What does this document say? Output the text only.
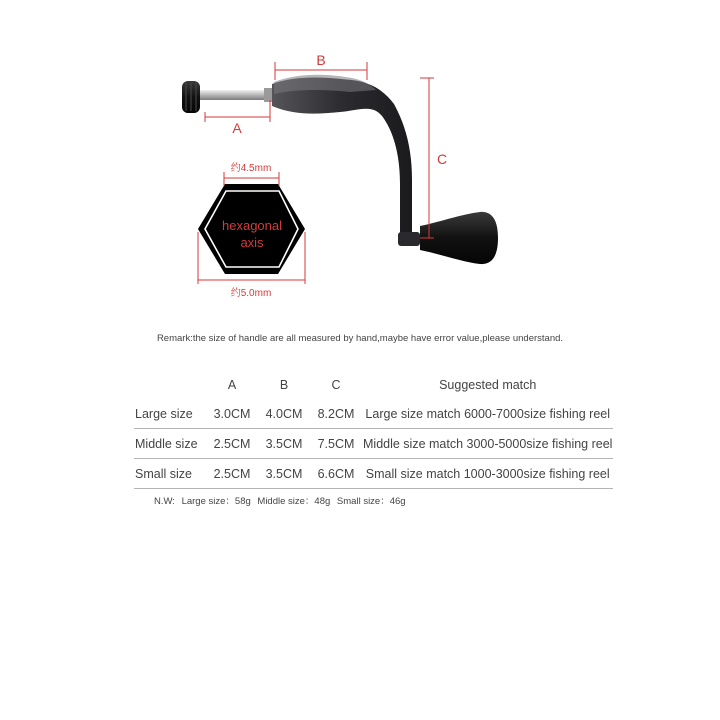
A
B
C
hexagonal
axis
约4.5mm
约5.0mm
Remark:the size of handle are all measured by hand,maybe have error value,please understand.
	A	B	C	Suggested match
Large size	3.0CM	4.0CM	8.2CM	Large size match 6000-7000size fishing reel
Middle size	2.5CM	3.5CM	7.5CM	Middle size match 3000-5000size fishing reel
Small size	2.5CM	3.5CM	6.6CM	Small size match 1000-3000size fishing reel
N.W: Large size：58g Middle size：48g Small size：46g
